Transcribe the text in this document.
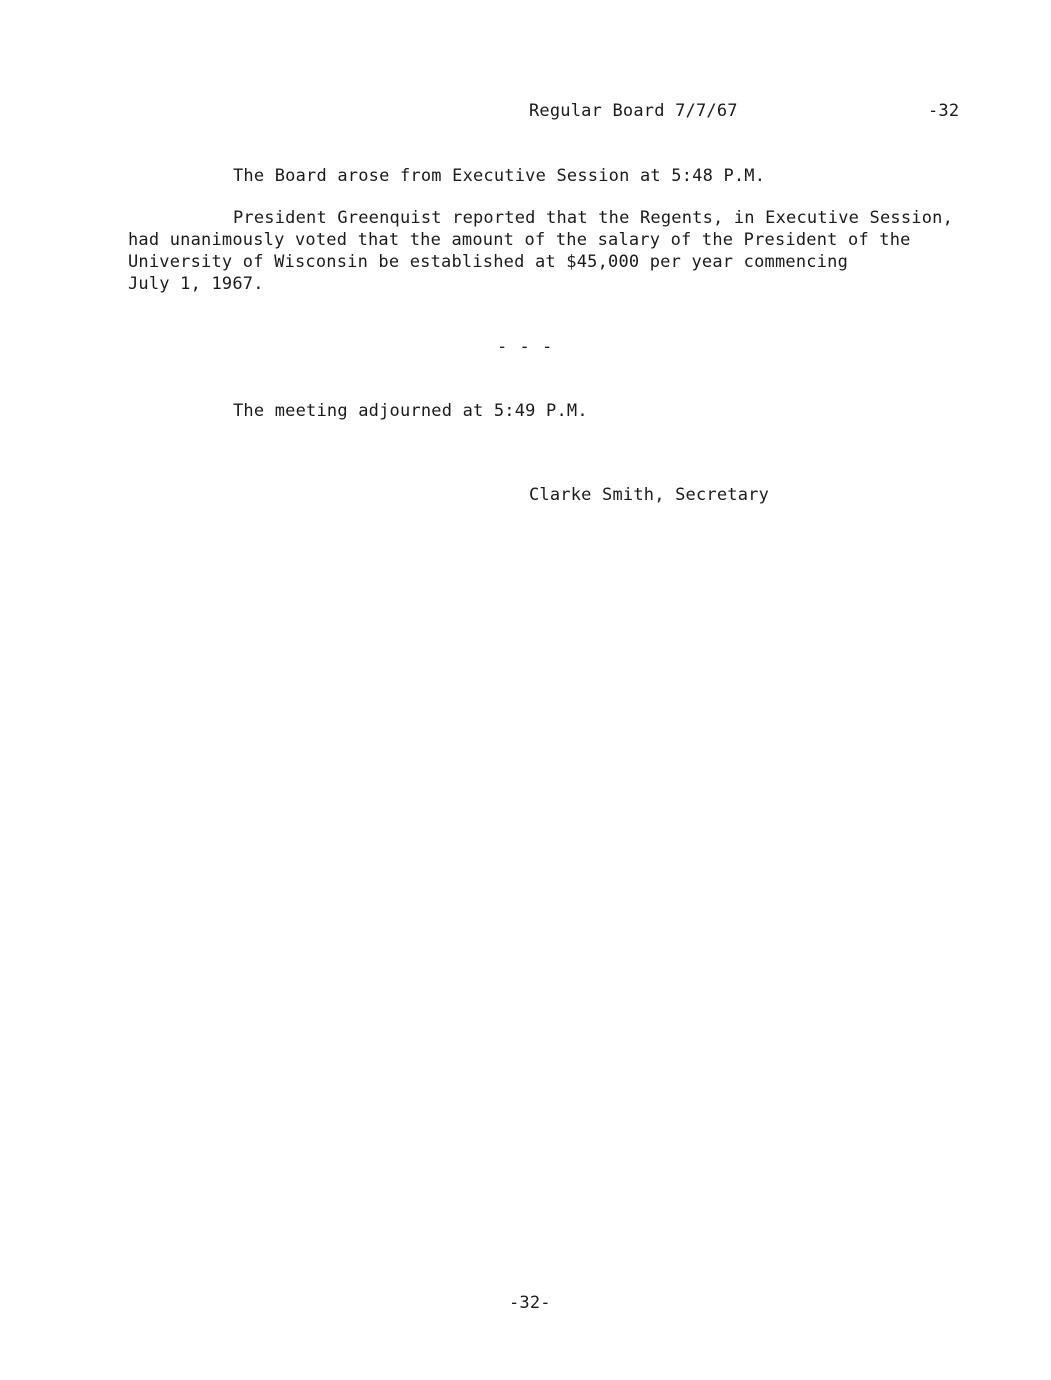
Regular Board 7/7/67	-32
The Board arose from Executive Session at 5:48 P.M.
President Greenquist reported that the Regents, in Executive Session,
had unanimously voted that the amount of the salary of the President of the
University of Wisconsin be established at $45,000 per year commencing
July 1, 1967.
- - -
The meeting adjourned at 5:49 P.M.
Clarke Smith, Secretary
-32-
